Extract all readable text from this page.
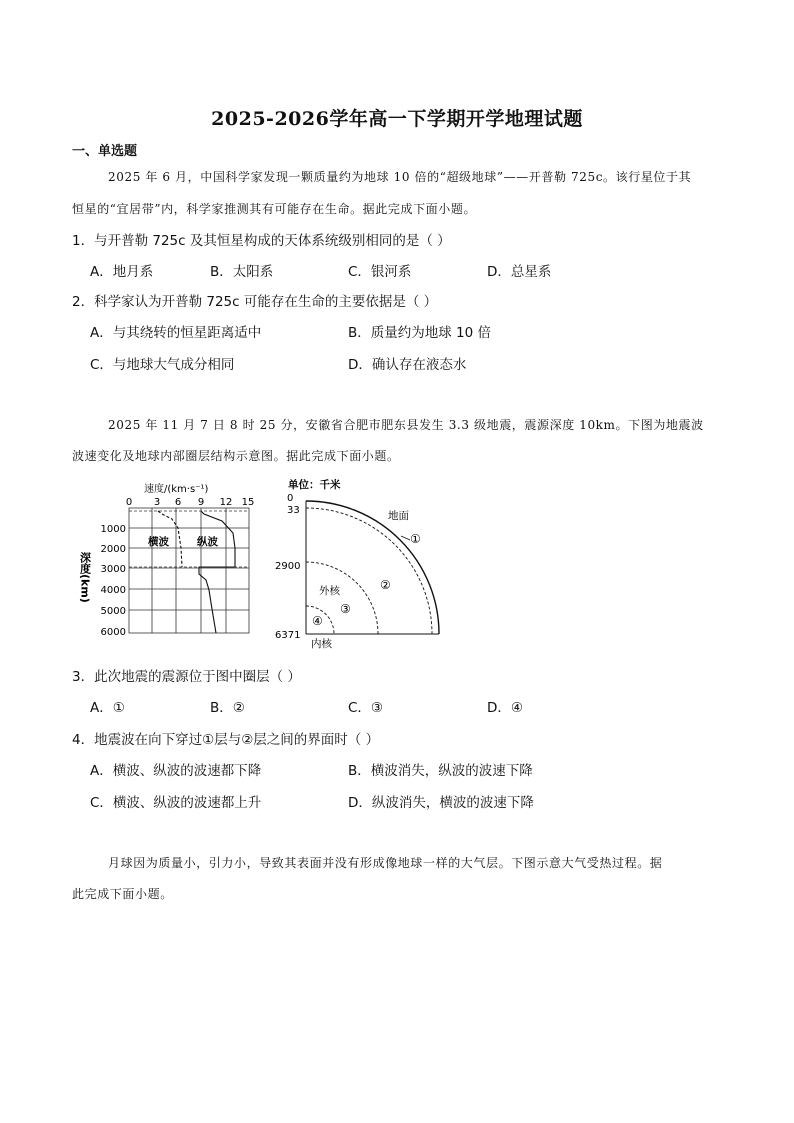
2025-2026学年高一下学期开学地理试题
一、单选题
2025 年 6 月，中国科学家发现一颗质量约为地球 10 倍的“超级地球”——开普勒 725c。该行星位于其
恒星的“宜居带”内，科学家推测其有可能存在生命。据此完成下面小题。
1．与开普勒 725c 及其恒星构成的天体系统级别相同的是（ ）
A．地月系	B．太阳系	C．银河系	D．总星系
2．科学家认为开普勒 725c 可能存在生命的主要依据是（ ）
A．与其绕转的恒星距离适中	B．质量约为地球 10 倍
C．与地球大气成分相同	D．确认存在液态水
2025 年 11 月 7 日 8 时 25 分，安徽省合肥市肥东县发生 3.3 级地震，震源深度 10km。下图为地震波
波速变化及地球内部圈层结构示意图。据此完成下面小题。
速度/(km·s⁻¹)
0 3 6 9 12 15
1000
2000
3000
4000
5000
6000
深度(km)
横波	纵波
单位：千米
0
33
2900
6371
地面
①
②
外核
③
④
内核
3．此次地震的震源位于图中圈层（ ）
A．①	B．②	C．③	D．④
4．地震波在向下穿过①层与②层之间的界面时（ ）
A．横波、纵波的波速都下降	B．横波消失，纵波的波速下降
C．横波、纵波的波速都上升	D．纵波消失，横波的波速下降
月球因为质量小，引力小，导致其表面并没有形成像地球一样的大气层。下图示意大气受热过程。据
此完成下面小题。
